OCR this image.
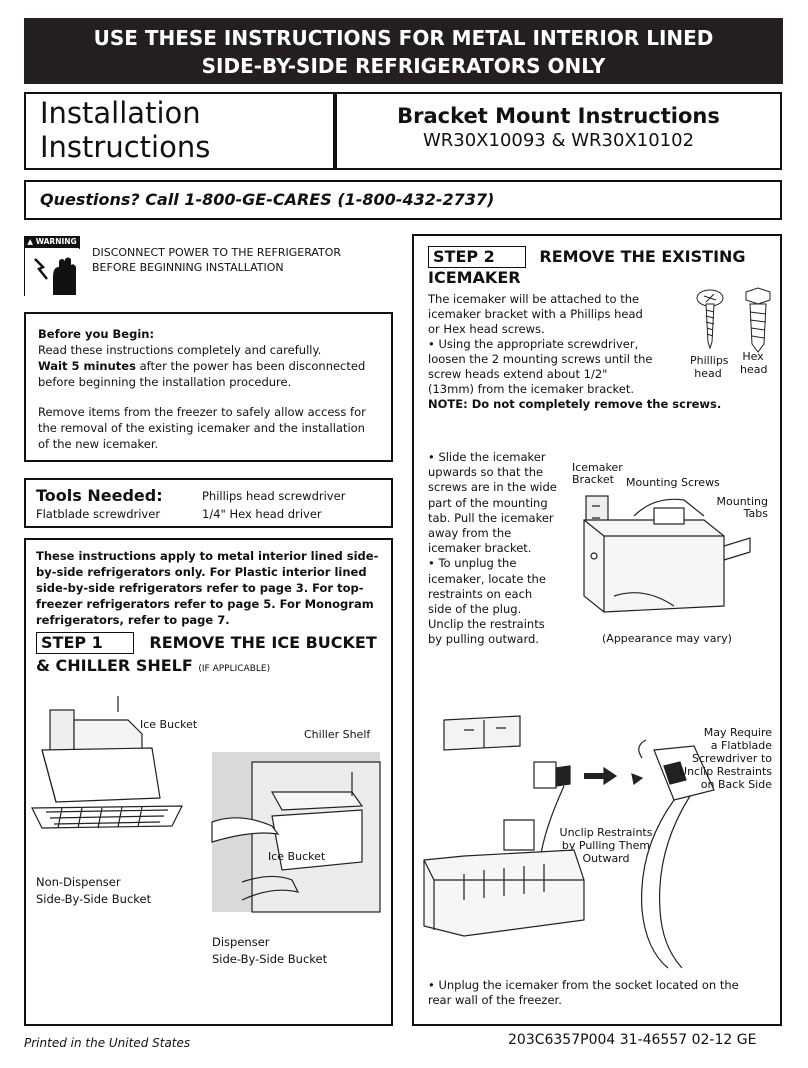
USE THESE INSTRUCTIONS FOR METAL INTERIOR LINED
SIDE-BY-SIDE REFRIGERATORS ONLY
Installation
Instructions
Bracket Mount Instructions
WR30X10093 & WR30X10102
Questions? Call 1-800-GE-CARES (1-800-432-2737)
▲ WARNING
DISCONNECT POWER TO THE REFRIGERATOR
BEFORE BEGINNING INSTALLATION
Before you Begin:
Read these instructions completely and carefully.

Wait 5 minutes after the power has been disconnected before beginning the installation procedure.

Remove items from the freezer to safely allow access for the removal of the existing icemaker and the installation of the new icemaker.

Tools Needed:	Phillips head screwdriver
Flatblade screwdriver	1/4" Hex head driver
These instructions apply to metal interior lined side-by-side refrigerators only. For Plastic interior lined side-by-side refrigerators refer to page 3. For top-freezer refrigerators refer to page 5. For Monogram refrigerators, refer to page 7.
STEP 1	REMOVE THE ICE BUCKET
& CHILLER SHELF (IF APPLICABLE)
Ice Bucket
Non-Dispenser
Side-By-Side Bucket
Chiller Shelf
Ice Bucket
Dispenser
Side-By-Side Bucket
STEP 2	REMOVE THE EXISTING
ICEMAKER
The icemaker will be attached to the icemaker bracket with a Phillips head or Hex head screws.
• Using the appropriate screwdriver, loosen the 2 mounting screws until the screw heads extend about 1/2" (13mm) from the icemaker bracket.
NOTE: Do not completely remove the screws.
Phillips
head
Hex
head
• Slide the icemaker upwards so that the screws are in the wide part of the mounting tab. Pull the icemaker away from the icemaker bracket.
• To unplug the icemaker, locate the restraints on each side of the plug. Unclip the restraints by pulling outward.
Icemaker
Bracket	Mounting Screws
Mounting
Tabs
(Appearance may vary)
May Require
a Flatblade
Screwdriver to
Unclip Restraints
on Back Side
Unclip Restraints
by Pulling Them
Outward
• Unplug the icemaker from the socket located on the rear wall of the freezer.
Printed in the United States	203C6357P004 31-46557 02-12 GE
